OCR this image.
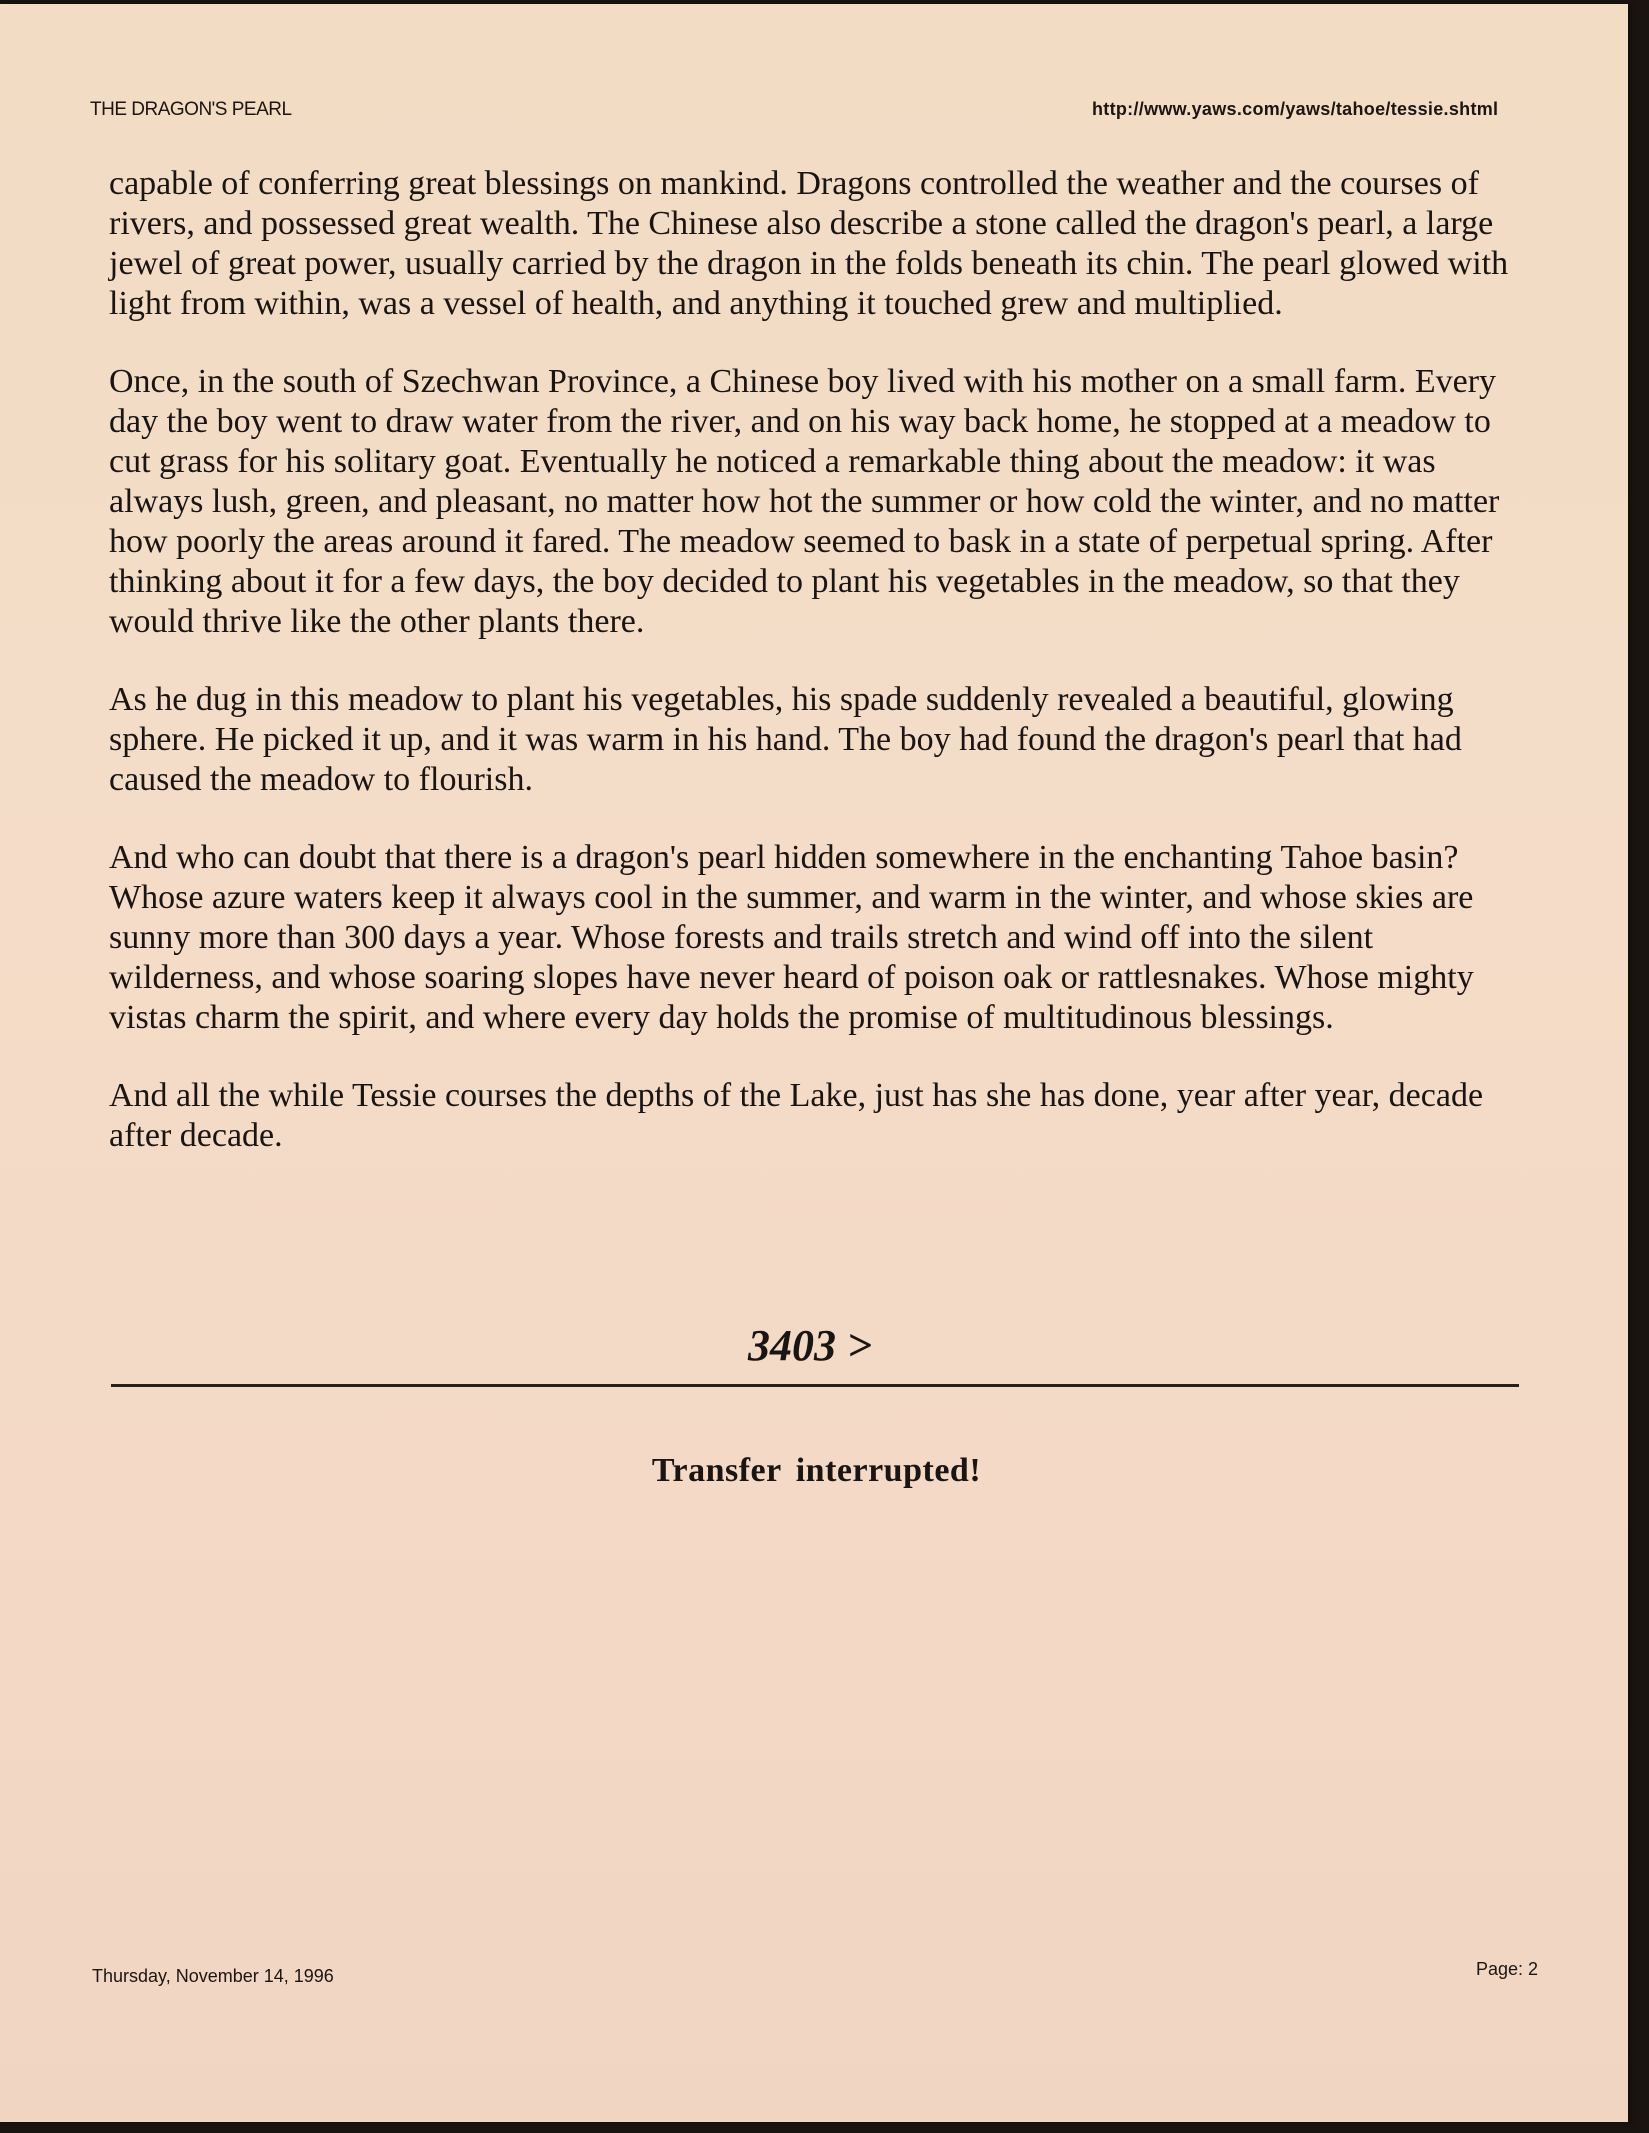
THE DRAGON'S PEARL	http://www.yaws.com/yaws/tahoe/tessie.shtml

capable of conferring great blessings on mankind. Dragons controlled the weather and the courses of rivers, and possessed great wealth. The Chinese also describe a stone called the dragon's pearl, a large jewel of great power, usually carried by the dragon in the folds beneath its chin. The pearl glowed with light from within, was a vessel of health, and anything it touched grew and multiplied.

Once, in the south of Szechwan Province, a Chinese boy lived with his mother on a small farm. Every day the boy went to draw water from the river, and on his way back home, he stopped at a meadow to cut grass for his solitary goat. Eventually he noticed a remarkable thing about the meadow: it was always lush, green, and pleasant, no matter how hot the summer or how cold the winter, and no matter how poorly the areas around it fared. The meadow seemed to bask in a state of perpetual spring. After thinking about it for a few days, the boy decided to plant his vegetables in the meadow, so that they would thrive like the other plants there.

As he dug in this meadow to plant his vegetables, his spade suddenly revealed a beautiful, glowing sphere. He picked it up, and it was warm in his hand. The boy had found the dragon's pearl that had caused the meadow to flourish.

And who can doubt that there is a dragon's pearl hidden somewhere in the enchanting Tahoe basin? Whose azure waters keep it always cool in the summer, and warm in the winter, and whose skies are sunny more than 300 days a year. Whose forests and trails stretch and wind off into the silent wilderness, and whose soaring slopes have never heard of poison oak or rattlesnakes. Whose mighty vistas charm the spirit, and where every day holds the promise of multitudinous blessings.

And all the while Tessie courses the depths of the Lake, just has she has done, year after year, decade after decade.

3403 >
Transfer interrupted!
Thursday, November 14, 1996	Page: 2
